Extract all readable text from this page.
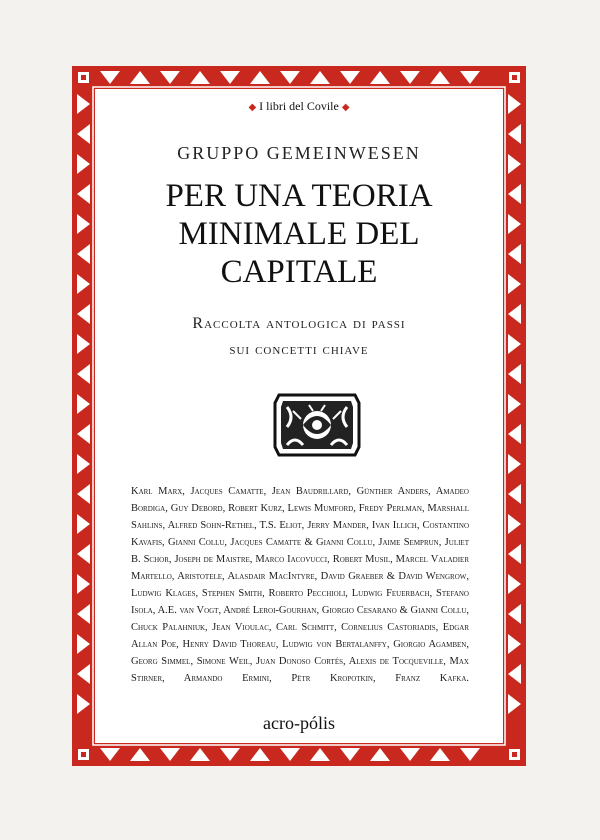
◆ I libri del Covile ◆
GRUPPO GEMEINWESEN
PER UNA TEORIA
MINIMALE DEL
CAPITALE
Raccolta antologica di passi
sui concetti chiave
Karl Marx, Jacques Camatte, Jean Baudrillard, Günther Anders, Amadeo Bordiga, Guy Debord, Robert Kurz, Lewis Mumford, Fredy Perlman, Marshall Sahlins, Alfred Sohn-Rethel, T.S. Eliot, Jerry Mander, Ivan Illich, Costantino Kavafis, Gianni Collu, Jacques Camatte & Gianni Collu, Jaime Semprun, Juliet B. Schor, Joseph de Maistre, Marco Iacovucci, Robert Musil, Marcel Valadier Martello, Aristotele, Alasdair MacIntyre, David Graeber & David Wengrow, Ludwig Klages, Stephen Smith, Roberto Pecchioli, Ludwig Feuerbach, Stefano Isola, A.E. van Vogt, André Leroi-Gourhan, Giorgio Cesarano & Gianni Collu, Chuck Palahniuk, Jean Vioulac, Carl Schmitt, Cornelius Castoriadis, Edgar Allan Poe, Henry David Thoreau, Ludwig von Bertalanffy, Giorgio Agamben, Georg Simmel, Simone Weil, Juan Donoso Cortés, Alexis de Tocqueville, Max Stirner, Armando Ermini, Pëtr Kropotkin, Franz Kafka.
acro-pólis
